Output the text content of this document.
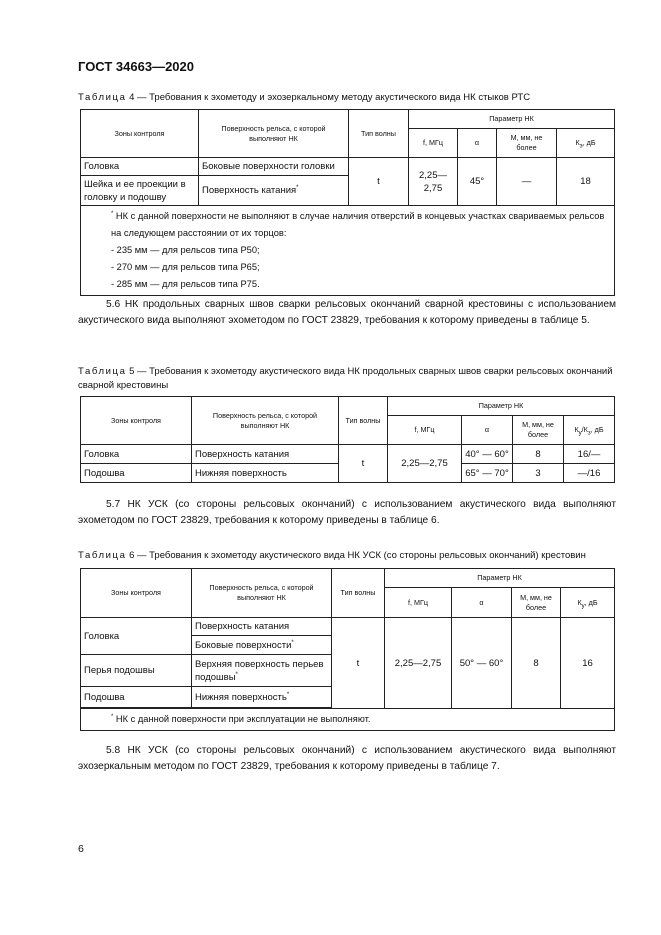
ГОСТ 34663—2020
Таблица 4 — Требования к эхометоду и эхозеркальному методу акустического вида НК стыков РТС
Зоны контроля	Поверхность рельса, с которой выполняют НК	Тип волны	Параметр НК			
			f, МГц	α	М, мм, не более	$К_э$, дБ
Головка	Боковые поверхности головки	t	2,25—2,75	45°	—	18
Шейка и ее проекции в головку и подошву	Поверхность катания*

* НК с данной поверхности не выполняют в случае наличия отверстий в концевых участках свариваемых рельсов на следующем расстоянии от их торцов:
- 235 мм — для рельсов типа Р50;
- 270 мм — для рельсов типа Р65;
- 285 мм — для рельсов типа Р75.						
5.6 НК продольных сварных швов сварки рельсовых окончаний сварной крестовины с использованием акустического вида выполняют эхометодом по ГОСТ 23829, требования к которому приведены в таблице 5.
Таблица 5 — Требования к эхометоду акустического вида НК продольных сварных швов сварки рельсовых окончаний сварной крестовины
Зоны контроля	Поверхность рельса, с которой выполняют НК	Тип волны	Параметр НК			
			f, МГц	α	М, мм, не более	$К_у/К_з$, дБ
Головка	Поверхность катания	t	2,25—2,75	40° — 60°	8	16/—
Подошва	Нижняя поверхность			65° — 70°	3	—/16
5.7 НК УСК (со стороны рельсовых окончаний) с использованием акустического вида выполняют эхометодом по ГОСТ 23829, требования к которому приведены в таблице 6.
Таблица 6 — Требования к эхометоду акустического вида НК УСК (со стороны рельсовых окончаний) крестовин
Зоны контроля	Поверхность рельса, с которой выполняют НК	Тип волны	Параметр НК			
			f, МГц	α	М, мм, не более	$К_у$, дБ
Головка	Поверхность катания	t	2,25—2,75	50° — 60°	8	16
	Боковые поверхности*
Перья подошвы	Верхняя поверхность перьев подошвы*
Подошва	Нижняя поверхность*

* НК с данной поверхности при эксплуатации не выполняют.						
5.8 НК УСК (со стороны рельсовых окончаний) с использованием акустического вида выполняют эхозеркальным методом по ГОСТ 23829, требования к которому приведены в таблице 7.
6
